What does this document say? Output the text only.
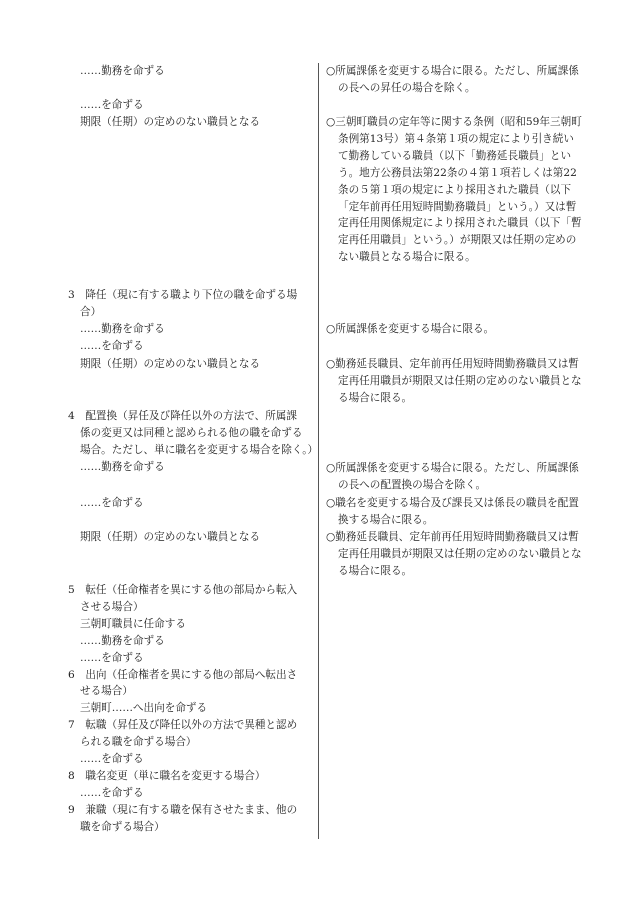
……勤務を命ずる
……を命ずる
期限（任期）の定めのない職員となる
3　降任（現に有する職より下位の職を命ずる場
合）
……勤務を命ずる
……を命ずる
期限（任期）の定めのない職員となる
4　配置換（昇任及び降任以外の方法で、所属課
係の変更又は同種と認められる他の職を命ずる
場合。ただし、単に職名を変更する場合を除く。）
……勤務を命ずる
……を命ずる
期限（任期）の定めのない職員となる
5　転任（任命権者を異にする他の部局から転入
させる場合）
三朝町職員に任命する
……勤務を命ずる
……を命ずる
6　出向（任命権者を異にする他の部局へ転出さ
せる場合）
三朝町……へ出向を命ずる
7　転職（昇任及び降任以外の方法で異種と認め
られる職を命ずる場合）
……を命ずる
8　職名変更（単に職名を変更する場合）
……を命ずる
9　兼職（現に有する職を保有させたまま、他の
職を命ずる場合）
○所属課係を変更する場合に限る。ただし、所属課係の長への昇任の場合を除く。
○三朝町職員の定年等に関する条例（昭和59年三朝町条例第13号）第４条第１項の規定により引き続いて勤務している職員（以下「勤務延長職員」という。地方公務員法第22条の４第１項若しくは第22条の５第１項の規定により採用された職員（以下「定年前再任用短時間勤務職員」という。）又は暫定再任用関係規定により採用された職員（以下「暫定再任用職員」という。）が期限又は任期の定めのない職員となる場合に限る。
○所属課係を変更する場合に限る。
○勤務延長職員、定年前再任用短時間勤務職員又は暫定再任用職員が期限又は任期の定めのない職員となる場合に限る。
○所属課係を変更する場合に限る。ただし、所属課係の長への配置換の場合を除く。
○職名を変更する場合及び課長又は係長の職員を配置換する場合に限る。
○勤務延長職員、定年前再任用短時間勤務職員又は暫定再任用職員が期限又は任期の定めのない職員となる場合に限る。
